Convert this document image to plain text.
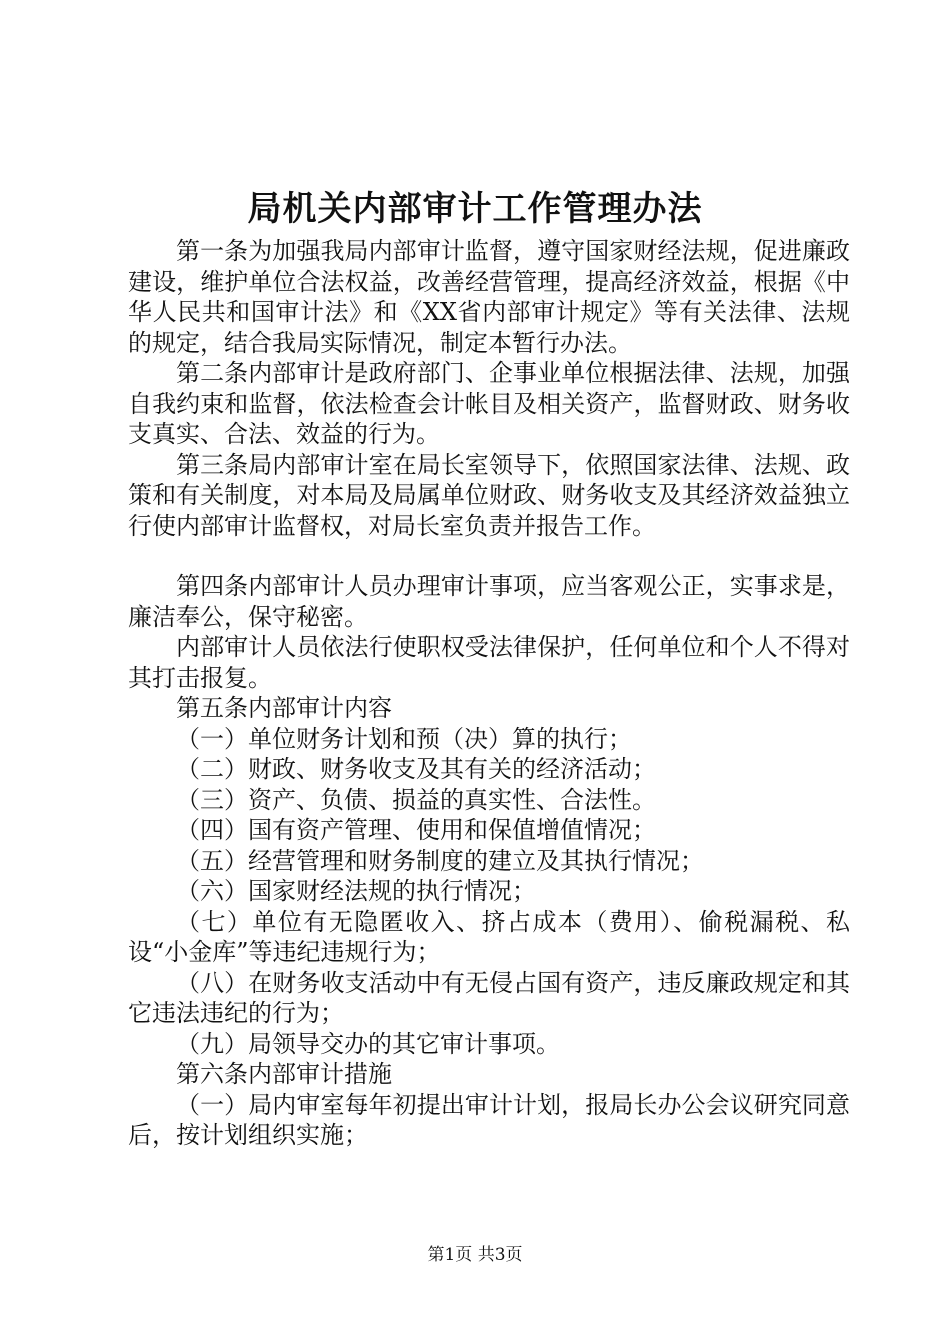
局机关内部审计工作管理办法

第一条为加强我局内部审计监督，遵守国家财经法规，促进廉政建设，维护单位合法权益，改善经营管理，提高经济效益，根据《中华人民共和国审计法》和《XX省内部审计规定》等有关法律、法规的规定，结合我局实际情况，制定本暂行办法。

第二条内部审计是政府部门、企事业单位根据法律、法规，加强自我约束和监督，依法检查会计帐目及相关资产，监督财政、财务收支真实、合法、效益的行为。

第三条局内部审计室在局长室领导下，依照国家法律、法规、政策和有关制度，对本局及局属单位财政、财务收支及其经济效益独立行使内部审计监督权，对局长室负责并报告工作。

第四条内部审计人员办理审计事项，应当客观公正，实事求是，廉洁奉公，保守秘密。

内部审计人员依法行使职权受法律保护，任何单位和个人不得对其打击报复。

第五条内部审计内容

（一）单位财务计划和预（决）算的执行；

（二）财政、财务收支及其有关的经济活动；

（三）资产、负债、损益的真实性、合法性。

（四）国有资产管理、使用和保值增值情况；

（五）经营管理和财务制度的建立及其执行情况；

（六）国家财经法规的执行情况；

（七）单位有无隐匿收入、挤占成本（费用）、偷税漏税、私设“小金库”等违纪违规行为；

（八）在财务收支活动中有无侵占国有资产，违反廉政规定和其它违法违纪的行为；

（九）局领导交办的其它审计事项。

第六条内部审计措施

（一）局内审室每年初提出审计计划，报局长办公会议研究同意后，按计划组织实施；

第1页 共3页
